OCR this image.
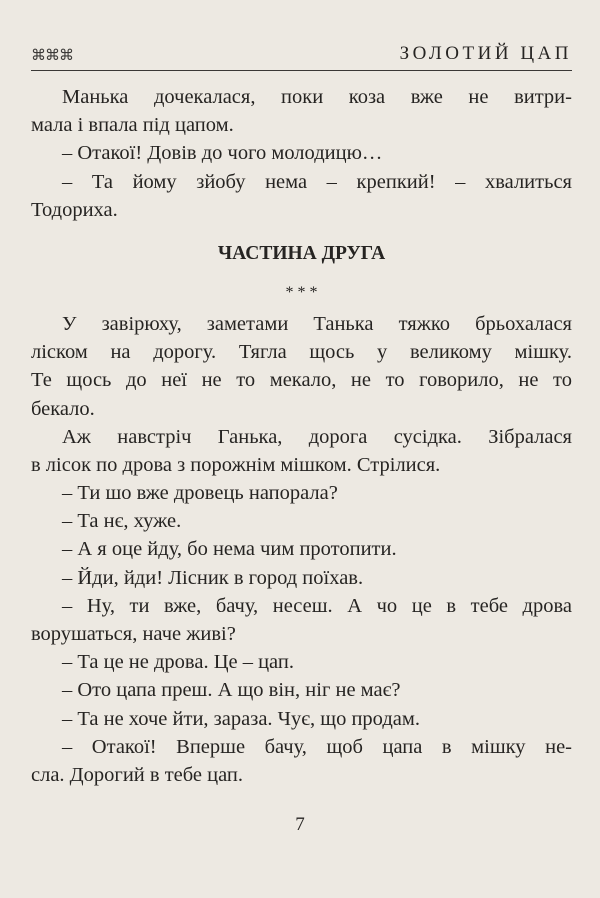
⌘⌘⌘	ЗОЛОТИЙ ЦАП
Манька дочекалася, поки коза вже не витри-
мала і впала під цапом.
– Отакої! Довів до чого молодицю…
– Та йому зйобу нема – крепкий! – хвалиться
Тодориха.
ЧАСТИНА ДРУГА
* * *
У завірюху, заметами Танька тяжко брьохалася
ліском на дорогу. Тягла щось у великому мішку.
Те щось до неї не то мекало, не то говорило, не то
бекало.
Аж навстріч Ганька, дорога сусідка. Зібралася
в лісок по дрова з порожнім мішком. Стрілися.
– Ти шо вже дровець напорала?
– Та нє, хуже.
– А я оце йду, бо нема чим протопити.
– Йди, йди! Лісник в город поїхав.
– Ну, ти вже, бачу, несеш. А чо це в тебе дрова
ворушаться, наче живі?
– Та це не дрова. Це – цап.
– Ото цапа преш. А що він, ніг не має?
– Та не хоче йти, зараза. Чує, що продам.
– Отакої! Вперше бачу, щоб цапа в мішку не-
сла. Дорогий в тебе цап.
7
